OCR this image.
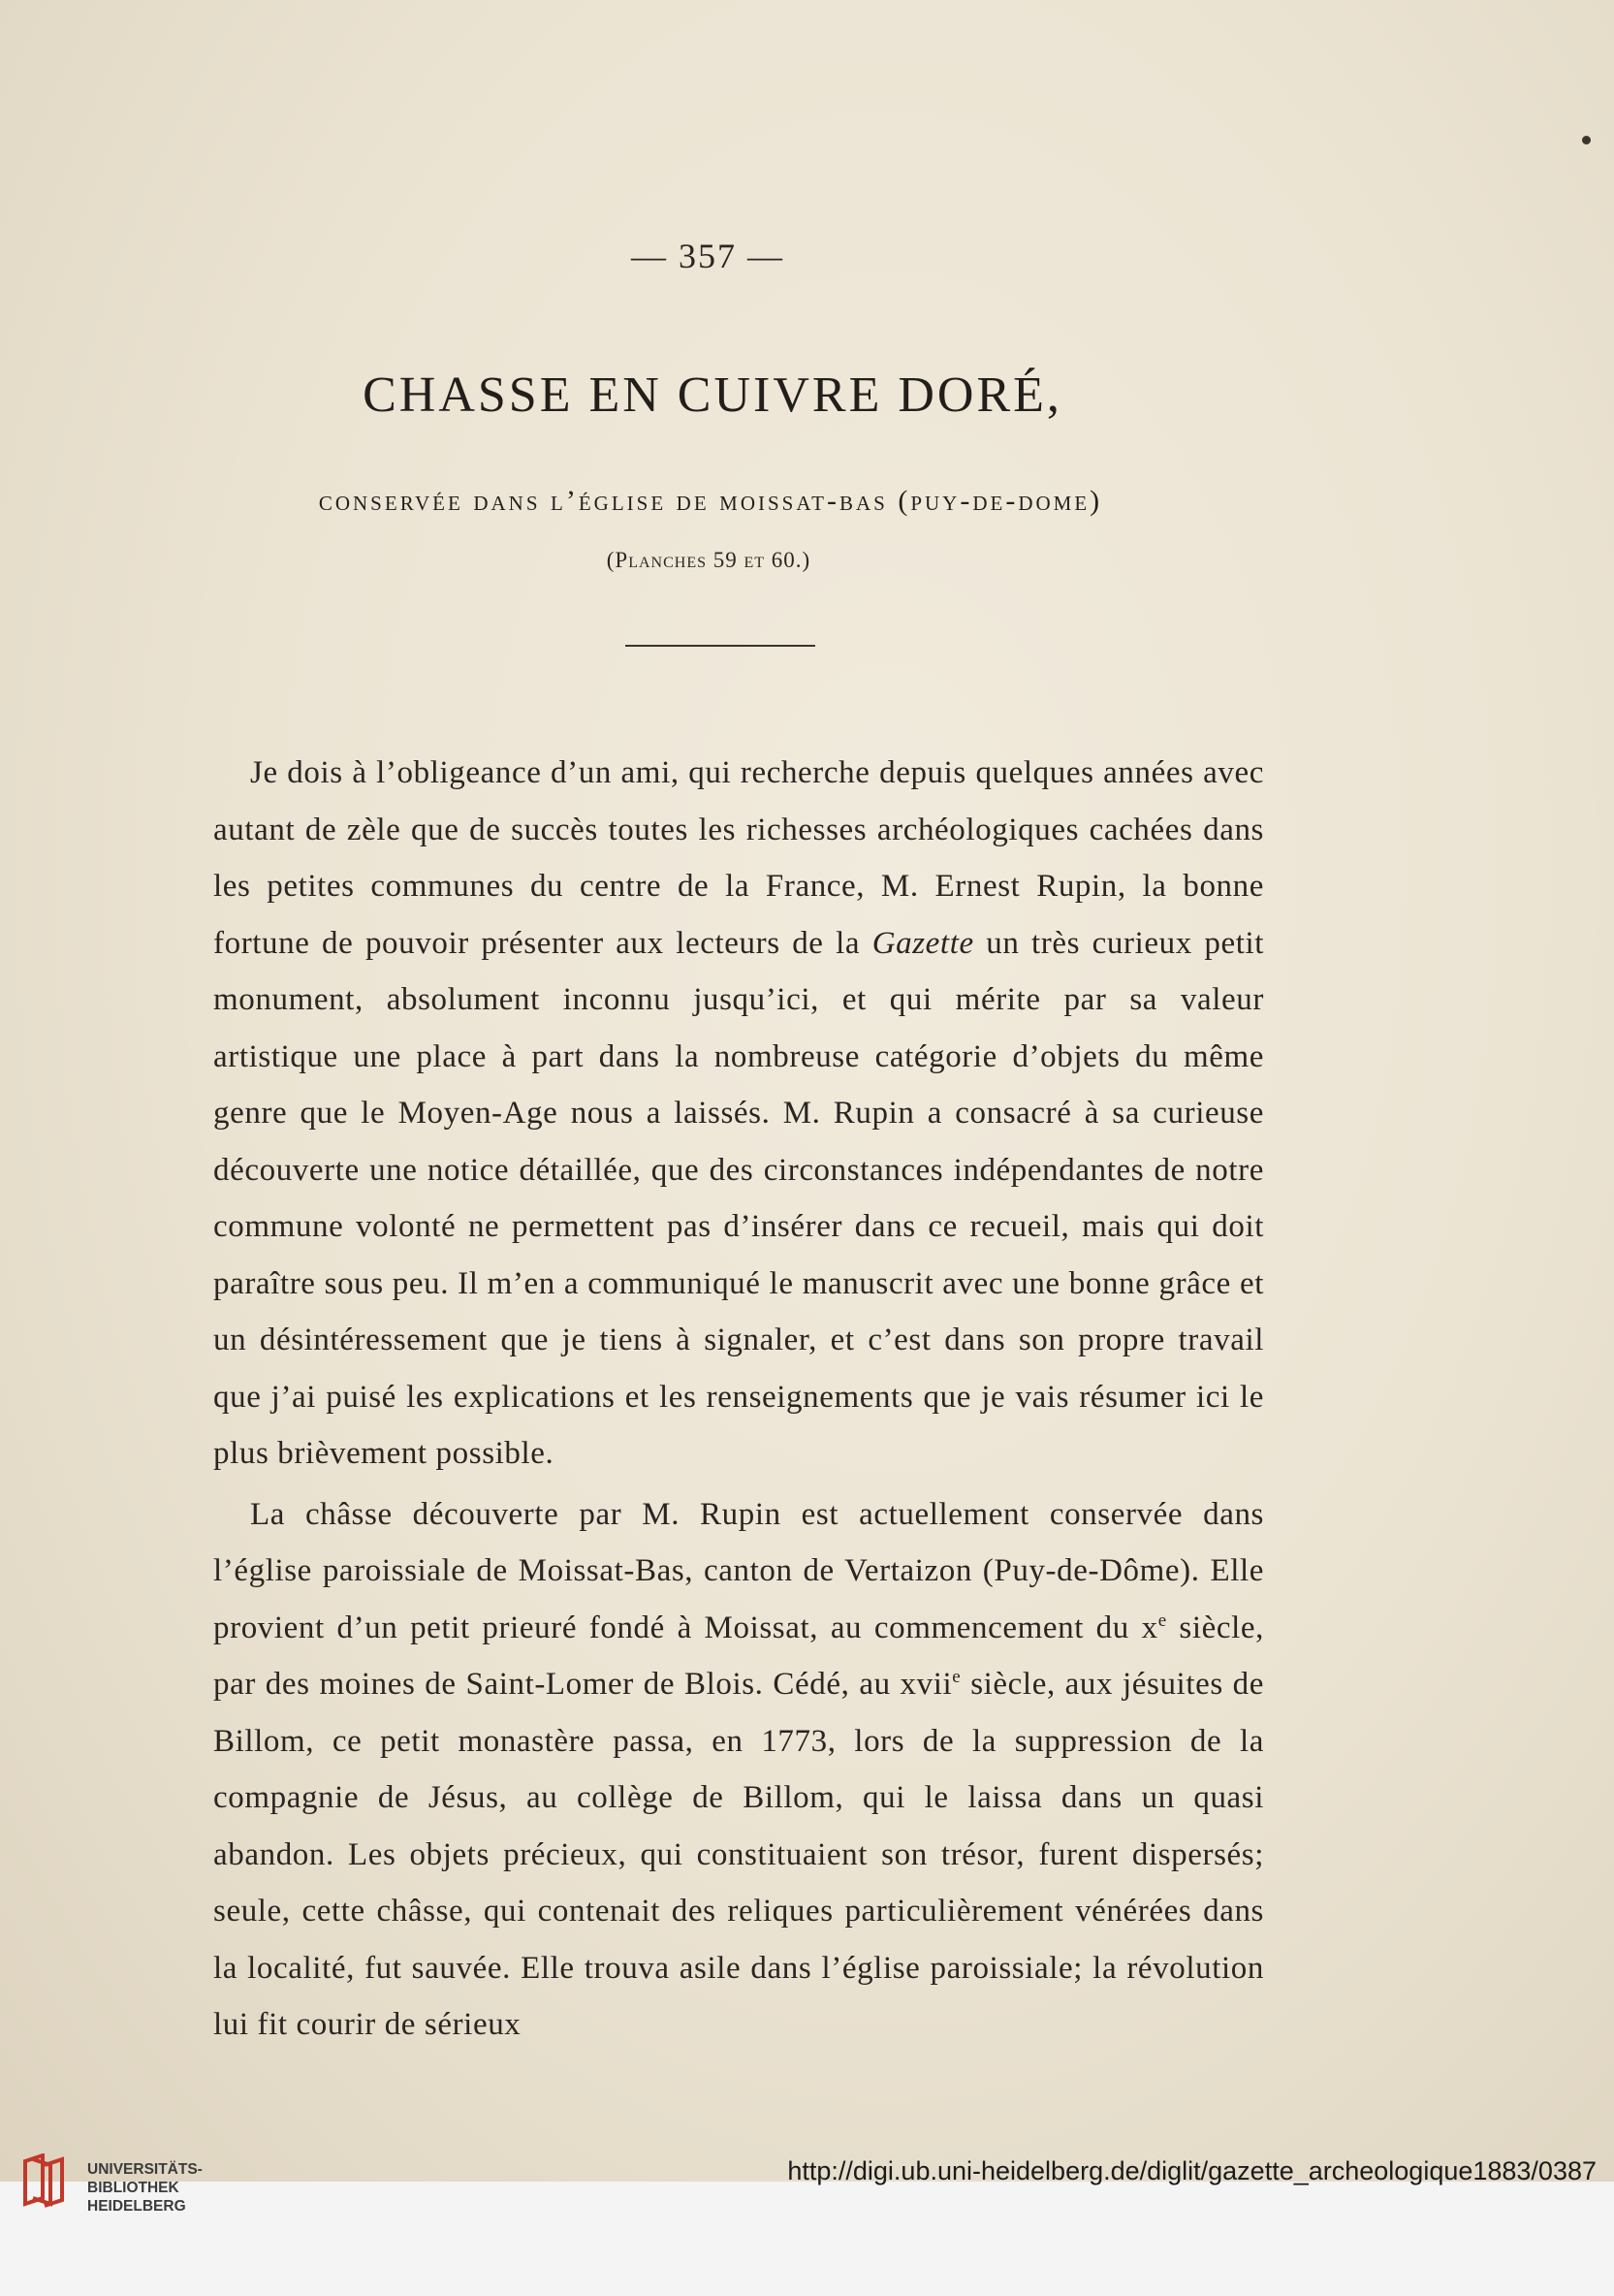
— 357 —
CHASSE EN CUIVRE DORÉ,
conservée dans l’église de moissat-bas (puy-de-dome)
(Planches 59 et 60.)

Je dois à l’obligeance d’un ami, qui recherche depuis quelques années avec autant de zèle que de succès toutes les richesses archéologiques cachées dans les petites communes du centre de la France, M. Ernest Rupin, la bonne fortune de pouvoir présenter aux lecteurs de la Gazette un très curieux petit monument, absolument inconnu jusqu’ici, et qui mérite par sa valeur artistique une place à part dans la nombreuse catégorie d’objets du même genre que le Moyen-Age nous a laissés. M. Rupin a consacré à sa curieuse découverte une notice détaillée, que des circonstances indépendantes de notre commune volonté ne permettent pas d’insérer dans ce recueil, mais qui doit paraître sous peu. Il m’en a communiqué le manuscrit avec une bonne grâce et un désintéressement que je tiens à signaler, et c’est dans son propre travail que j’ai puisé les explications et les renseignements que je vais résumer ici le plus brièvement possible.

La châsse découverte par M. Rupin est actuellement conservée dans l’église paroissiale de Moissat-Bas, canton de Vertaizon (Puy-de-Dôme). Elle provient d’un petit prieuré fondé à Moissat, au commencement du $x^e$ siècle, par des moines de Saint-Lomer de Blois. Cédé, au xvii$^e$ siècle, aux jésuites de Billom, ce petit monastère passa, en 1773, lors de la suppression de la compagnie de Jésus, au collège de Billom, qui le laissa dans un quasi abandon. Les objets précieux, qui constituaient son trésor, furent dispersés; seule, cette châsse, qui contenait des reliques particulièrement vénérées dans la localité, fut sauvée. Elle trouva asile dans l’église paroissiale; la révolution lui fit courir de sérieux

UNIVERSITÄTS-
BIBLIOTHEK
HEIDELBERG
http://digi.ub.uni-heidelberg.de/diglit/gazette_archeologique1883/0387
